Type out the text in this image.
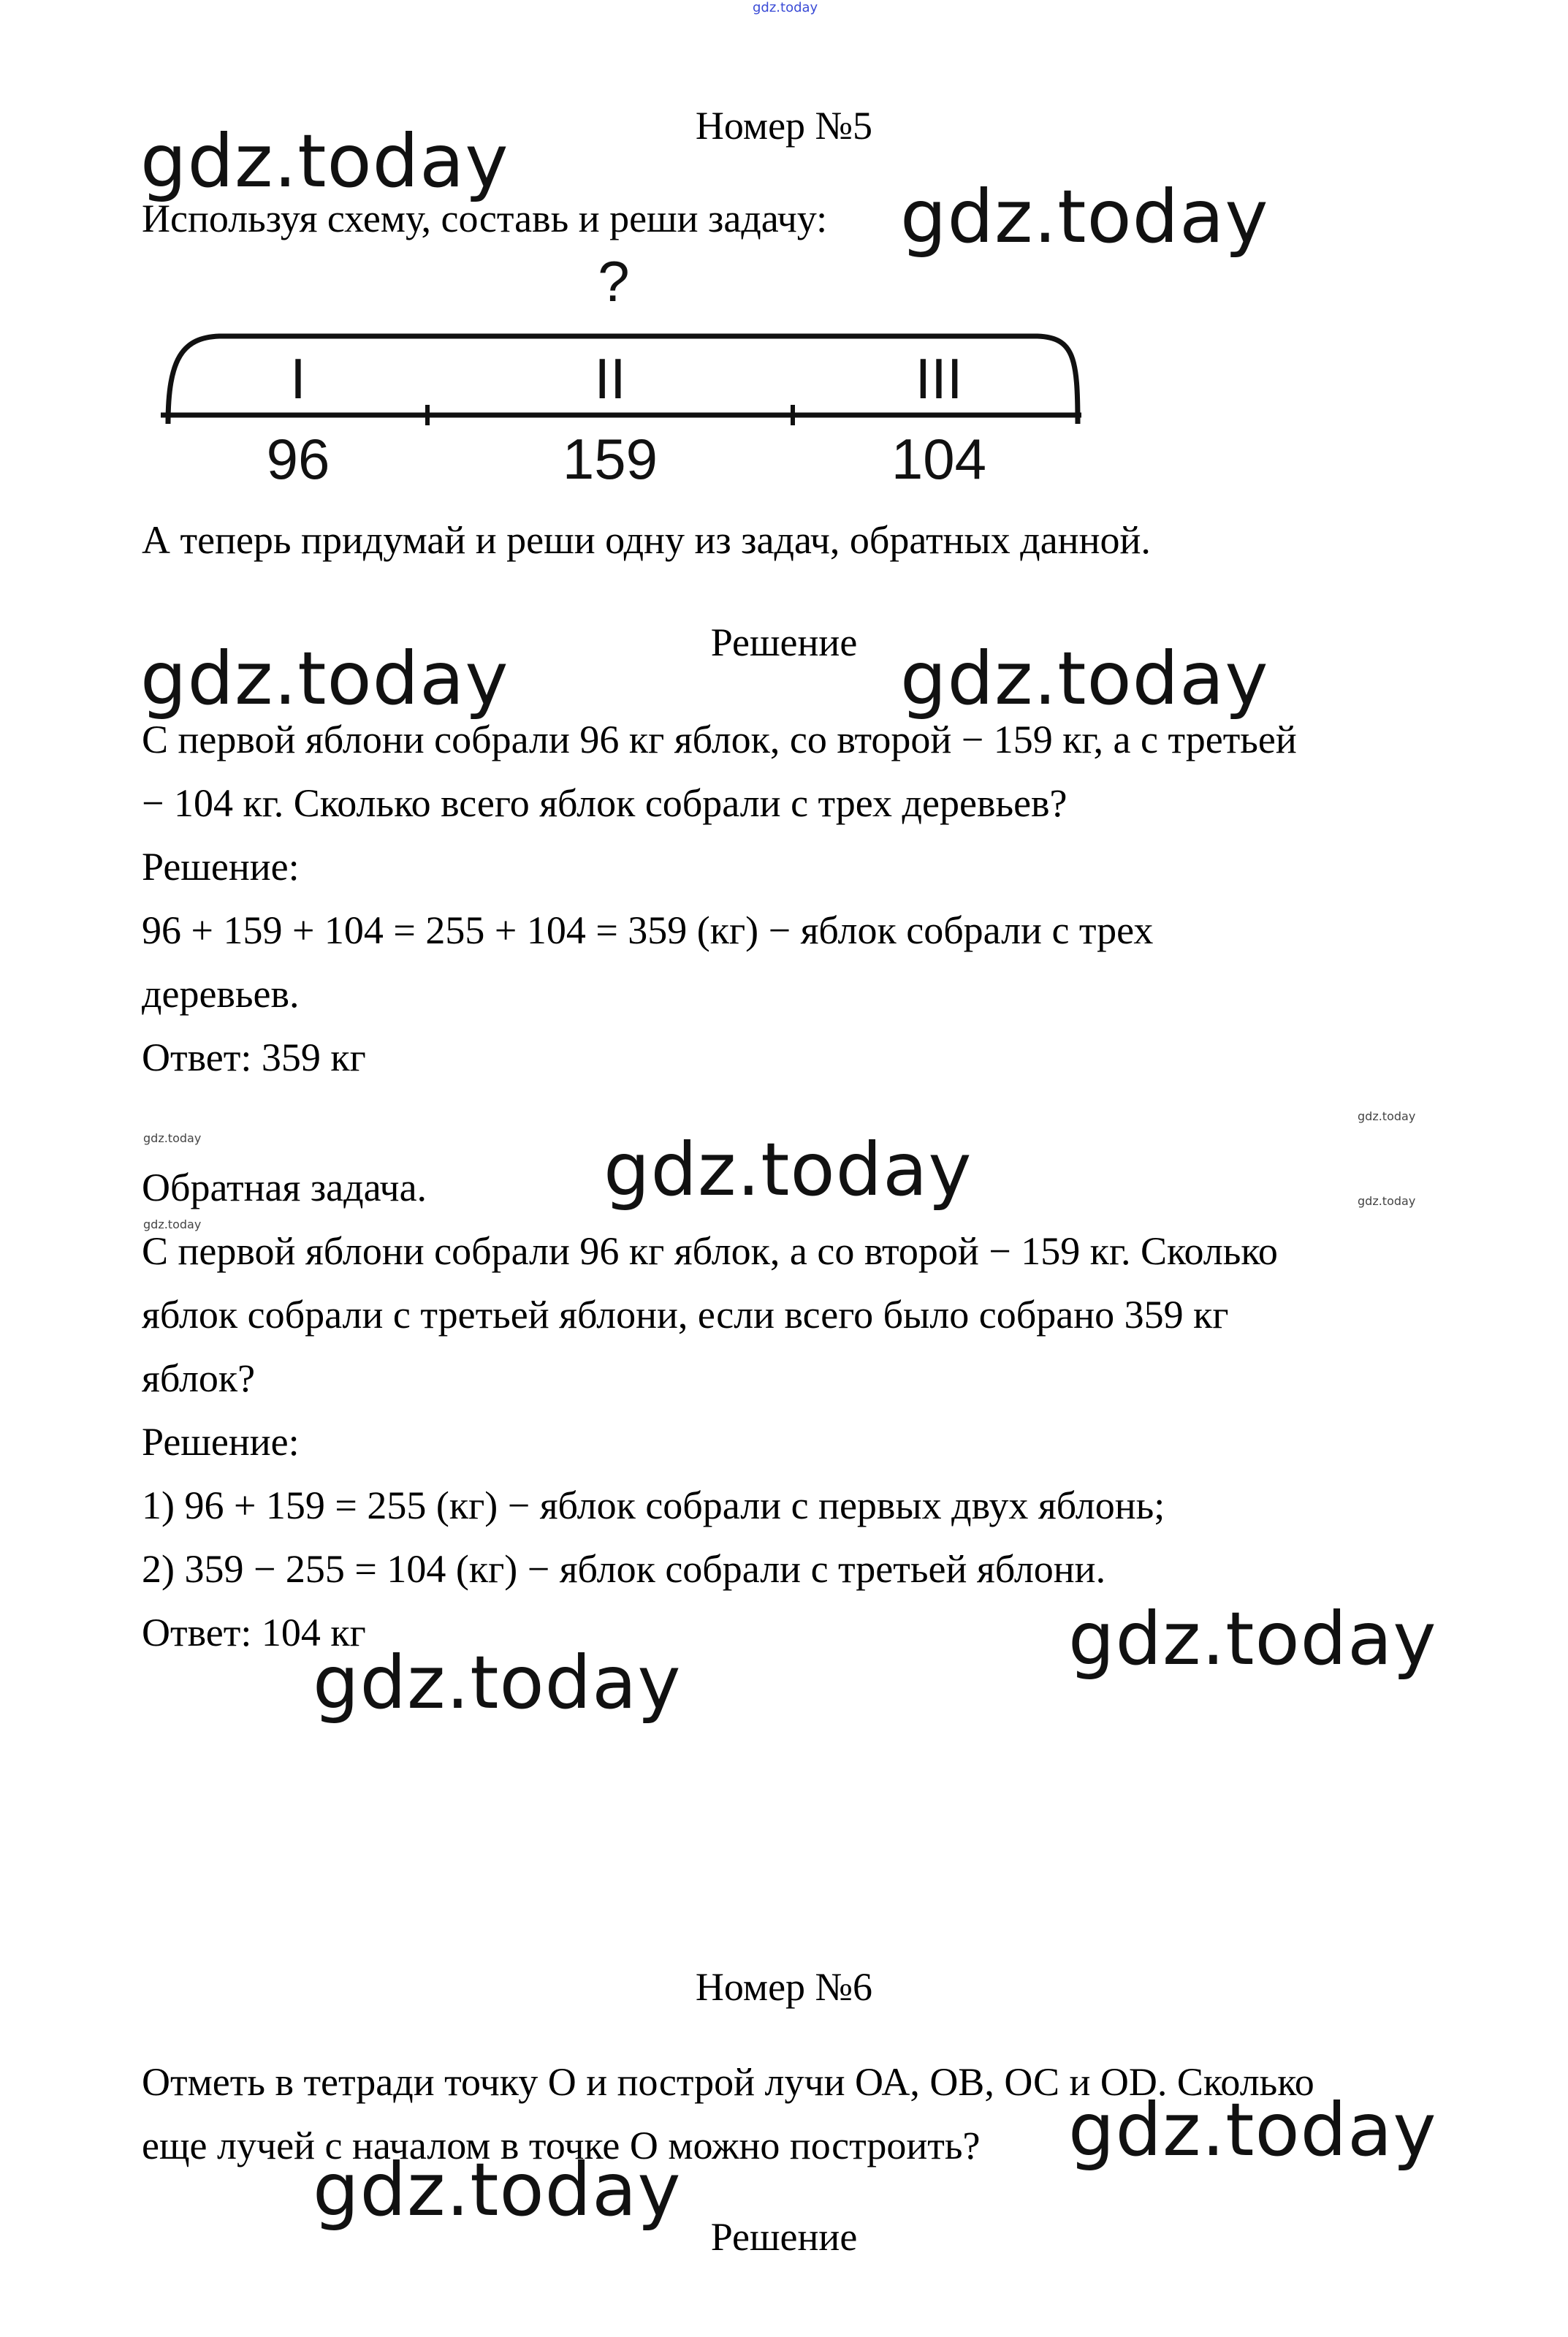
gdz.today
Номер №5
gdz.today
Используя схему, составь и реши задачу: gdz.today
?
I	II	III
96	159	104
А теперь придумай и реши одну из задач, обратных данной.
Решение
gdz.today	gdz.today
С первой яблони собрали 96 кг яблок, со второй − 159 кг, а с третьей
− 104 кг. Сколько всего яблок собрали с трех деревьев?
Решение:
96 + 159 + 104 = 255 + 104 = 359 (кг) − яблок собрали с трех
деревьев.
Ответ: 359 кг
gdz.today
gdz.today
Обратная задача. gdz.today	gdz.today
gdz.today
С первой яблони собрали 96 кг яблок, а со второй − 159 кг. Сколько
яблок собрали с третьей яблони, если всего было собрано 359 кг
яблок?
Решение:
1) 96 + 159 = 255 (кг) − яблок собрали с первых двух яблонь;
2) 359 − 255 = 104 (кг) − яблок собрали с третьей яблони.
Ответ: 104 кг	gdz.today
gdz.today
Номер №6
Отметь в тетради точку О и построй лучи ОА, ОВ, ОС и OD. Сколько
еще лучей с началом в точке О можно построить? gdz.today
gdz.today
Решение
